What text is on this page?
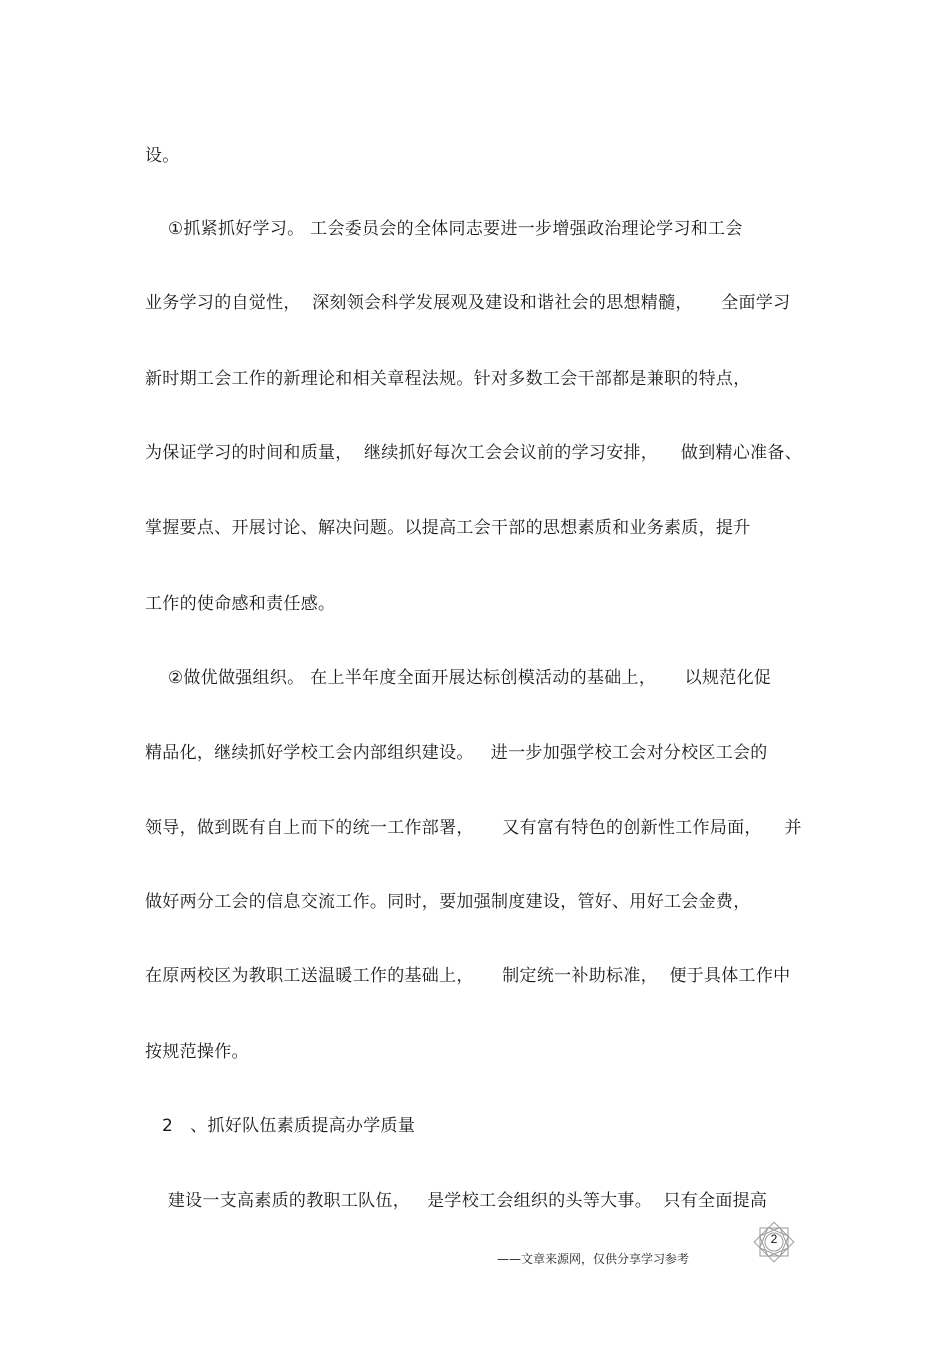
设。
①抓紧抓好学习。 工会委员会的全体同志要进一步增强政治理论学习和工会
业务学习的自觉性，  深刻领会科学发展观及建设和谐社会的思想精髓，     全面学习
新时期工会工作的新理论和相关章程法规。针对多数工会干部都是兼职的特点，
为保证学习的时间和质量，  继续抓好每次工会会议前的学习安排，    做到精心准备、
掌握要点、开展讨论、解决问题。以提高工会干部的思想素质和业务素质，提升
工作的使命感和责任感。
②做优做强组织。 在上半年度全面开展达标创模活动的基础上，     以规范化促
精品化，继续抓好学校工会内部组织建设。   进一步加强学校工会对分校区工会的
领导，做到既有自上而下的统一工作部署，     又有富有特色的创新性工作局面，    并
做好两分工会的信息交流工作。同时，要加强制度建设，管好、用好工会金费，
在原两校区为教职工送温暖工作的基础上，     制定统一补助标准，  便于具体工作中
按规范操作。
2   、抓好队伍素质提高办学质量
建设一支高素质的教职工队伍，   是学校工会组织的头等大事。  只有全面提高
——文章来源网，仅供分享学习参考
2
